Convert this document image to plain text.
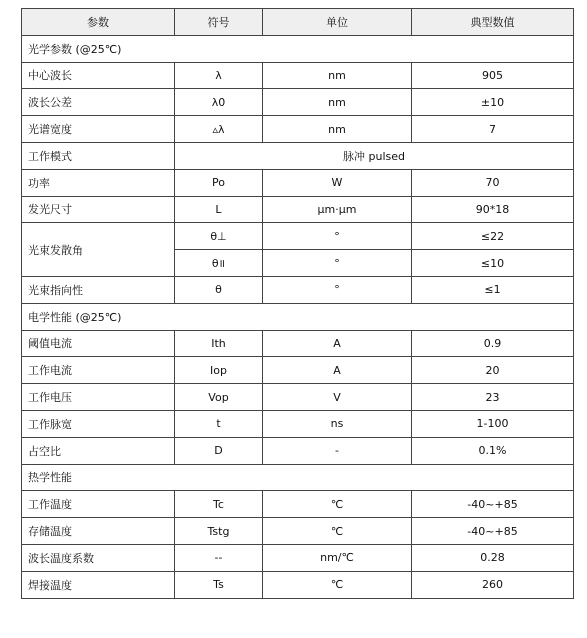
参数	符号	单位	典型数值
光学参数 (@25℃)			
中心波长	λ	nm	905
波长公差	λ0	nm	±10
光谱宽度	▵λ	nm	7
工作模式	脉冲 pulsed		
功率	Po	W	70
发光尺寸	L	μm·μm	90*18
光束发散角	θ⊥	°	≤22
	θ॥	°	≤10
光束指向性	θ	°	≤1
电学性能 (@25℃)			
阈值电流	Ith	A	0.9
工作电流	Iop	A	20
工作电压	Vop	V	23
工作脉宽	t	ns	1-100
占空比	D	-	0.1%
热学性能			
工作温度	Tc	℃	-40~+85
存储温度	Tstg	℃	-40~+85
波长温度系数	--	nm/℃	0.28
焊接温度	Ts	℃	260
